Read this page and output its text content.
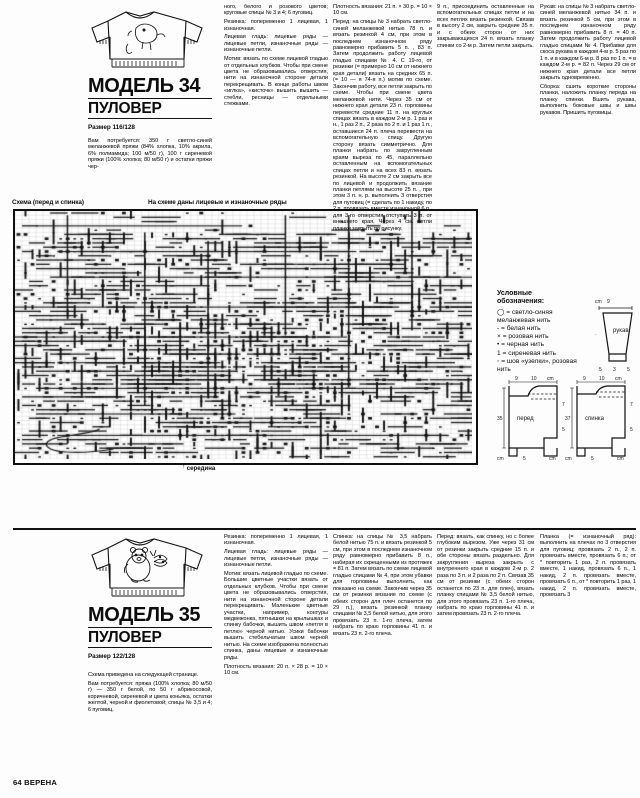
МОДЕЛЬ 34
ПУЛОВЕР
Размер 116/128

Вам потребуется: 350 г светло-синей меланжевой пряжи (84% хлопка, 10% акрила, 6% полиамида; 100 м/50 г), 100 г сиреневой пряжи (100% хлопка; 80 м/50 г) и остатки пряжи чер-

Схема (перед и спинка)	На схеме даны лицевые и изнаночные ряды
↑ середина

ного, белого и розового цветов; круговые спицы № 3 и 4; 6 пуговиц.

Резинка: попеременно 1 лицевая, 1 изнаночная.

Лицевая гладь: лицевые ряды — лицевые петли, изнаночные ряды — изнаночные петли.

Мотив: вязать по схеме лицевой гладью от отдельных клубков. Чтобы при смене цвета не образовывались отверстия, нити на изнаночной стороне детали перекрещивать. В конце работы швом «иглка», «кисточк» вышить вышить — стебли, ресницы — отдельными стежками.

Плотность вязания: 21 п. × 30 р. = 10 × 10 см.

Перед: на спицы № 3 набрать светло-синей меланжевой нитью 78 п. и вязать резинкой 4 см, при этом в последнем изнаночном ряду равномерно прибавить 5 п. , 83 п. Затем продолжить работу лицевой гладью спицами № 4. С 19-го, от резинки (= примерно 10 см от нижнего края детали) вязать на средних 65 п. (= 10 — я 74-я п.) мотив по схеме. Закончив работу, все петли закрыть по схеме. Чтобы при смене цвета меланжевой нити. Через 35 см от нижнего края детали 23 п. горловины перевести средние 11 п. на круглых спицах вязать в каждом 2-м р. 1 раз и н., 1 раз 2 п., 2 раза по 2 п. и 1 раз 1 п., оставшиеся 24 п. плеча перевести на вспомогательную спицу. Другую сторону вязать симметрично. Для планки набрать по закругленным краям выреза по 45, параллельно оставленным на вспомогательных спицах петли и на всех 83 п. вязать резинкой. На высоте 2 см закрыть все по лицевой и продолжить вязание планки петлями на высоте 25 п. , при этом 3 п. н. р. выполнить 3 отверстия для пуговиц (= сделать по 1 накиду, по 2 п. провязать вместе изнаночной 6 п., для 3-го отверстия отступить 3 п. от внешнего края. Через 4 см. петли планки закрыть по рисунку.

9 п., присоединить оставленные на вспомогательных спицах петли и на всех петлях вязать резинкой. Связав в высоту 2 см, закрыть средние 35 п. и с обеих сторон от них закрывающихся 24 п. вязать планку спинки со 2-м р. Затем петли закрыть.

Рукав: на спицы № 3 набрать светло-синей меланжевой нитью 34 п. и вязать резинкой 5 см, при этом в последнем изнаночном ряду равномерно прибавить 8 п. = 40 п. Затем продолжить работу лицевой гладью спицами № 4. Прибавки для скоса рукава в каждом 4-м р. 5 раз по 1 п. и в каждом 6-м р. 8 раз по 1 п. = в каждом 2-м р. = 82 п. Через 29 см от нижнего края детали все петли закрыть одновременно.

Сборка: сшить короткие стороны планки, наложить планку переда на планку спинки. Вшить рукава, выполнить боковые швы и швы рукавов. Пришить пуговицы.

Условные
обозначения:
◯ = светло-синяя меланжевая нить
- = белая нить
× = розовая нить
• = черная нить
1 = сиреневая нить
◦ = шов «узелки», розовая нить
рукав
cm 9
5 3 5
·
перед
9	10 cm
35
7
5
cm	5	cm
спинка
9	10 cm
37
7
5
cm	5	cm
МОДЕЛЬ 35
ПУЛОВЕР
Размер 122/128

Схема приведена на следующей странице.

Вам потребуется: пряжа (100% хлопка; 80 м/50 г) — 350 г белой, по 50 г абрикосовой, коричневой, сиреневой и цвета коньяка, остатки желтой, черной и фиолетовой; спицы № 3,5 и 4; 6 пуговиц.

Резинка: попеременно 1 лицевая, 1 изнаночная.

Лицевая гладь: лицевые ряды — лицевые петли, изнаночные ряды — изнаночные петли.

Мотив: вязать лицевой гладью по схеме. Большие цветные участки вязать от отдельных клубков. Чтобы при смене цвета не образовывались отверстия, нити на изнаночной стороне детали перекрещивать. Маленькие цветные участки, например, контуры медвежонка, пятнышки на крылышках и спинку бабочки, вышить швом «петля в петлю» черной нитью. Усики бабочки вышить стебельчатым швом черной нитью. На схеме изображена полностью спинка, даны лицевые и изнаночные ряды.

Плотность вязания: 20 п. × 28 р. = 10 × 10 см.

Спинка: на спицы № 3,5 набрать белой нитью 75 п. и вязать резинкой 5 см, при этом в последнем изнаночном ряду равномерно прибавить 8 п., набирая их скрещенными из протяжек = 81 п. Затем вязать по схеме лицевой гладью спицами № 4, при этом убавки для горловины выполнить, как показано на схеме. Закончив через 35 см от резинки вязание по схеме (с обеих сторон для плеч останется по 29 п.), вязать резинкой планку спицами № 3,5 белой нитью, для этого провязать 23 п. 1-го плеча, затем набрать по краю горловины 41 п. и вязать 23 п. 2-го плеча.

Перед: вязать, как спинку, но с более глубоким вырезом. Уже через 31 см от резинки закрыть средние 15 п. и обе стороны вязать раздельно. Для закругления выреза закрыть с внутреннего края в каждом 2-м р. 2 раза по 3 п. и 2 раза по 2 п. Связав 35 см от резинки (с обеих сторон останется по 23 п. для плеч), вязать планку спицами № 3,5 белой нитью, для этого провязать 23 п. 1-го плеча, набрать по краю горловины 41 п. и затем провязать 23 п. 2-го плеча.

Планка (= изнаночный ряд): выполнить на плечах по 3 отверстия для пуговиц; провязать 2 п., 2 п. провязать вместе, провязать 6 п.; от * повторить 1 раз, 2 п. провязать вместе, 1 накид, провязать 6 п., 1 накид, 2 п. провязать вместе, провязать 6 п., от * повторить 1 раз, 1 накид, 2 п. провязать вместе, провязать 3

64 ВЕРЕНА
